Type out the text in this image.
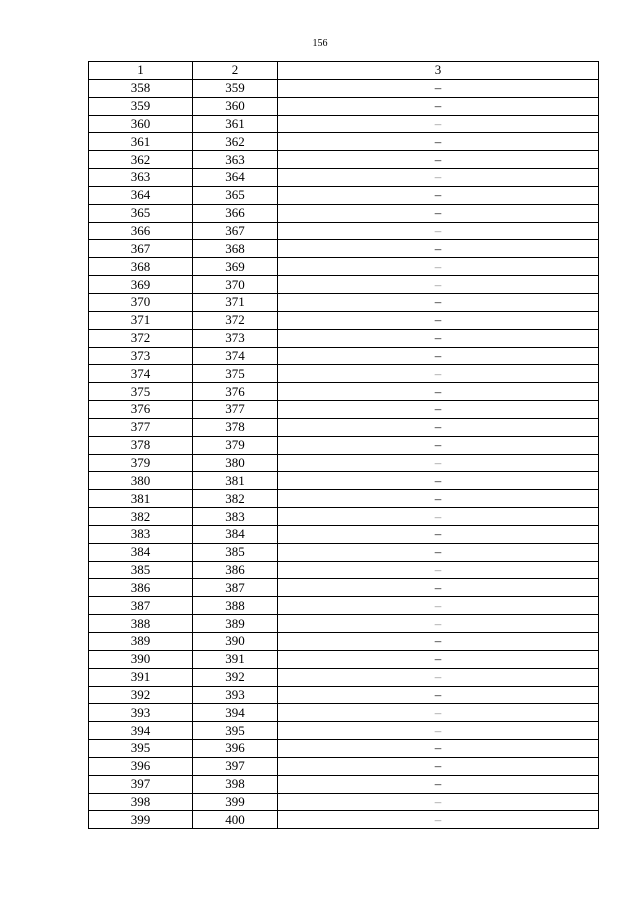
156
1	2	3
358	359	–
359	360	–
360	361	–
361	362	–
362	363	–
363	364	–
364	365	–
365	366	–
366	367	–
367	368	–
368	369	–
369	370	–
370	371	–
371	372	–
372	373	–
373	374	–
374	375	–
375	376	–
376	377	–
377	378	–
378	379	–
379	380	–
380	381	–
381	382	–
382	383	–
383	384	–
384	385	–
385	386	–
386	387	–
387	388	–
388	389	–
389	390	–
390	391	–
391	392	–
392	393	–
393	394	–
394	395	–
395	396	–
396	397	–
397	398	–
398	399	–
399	400	–
